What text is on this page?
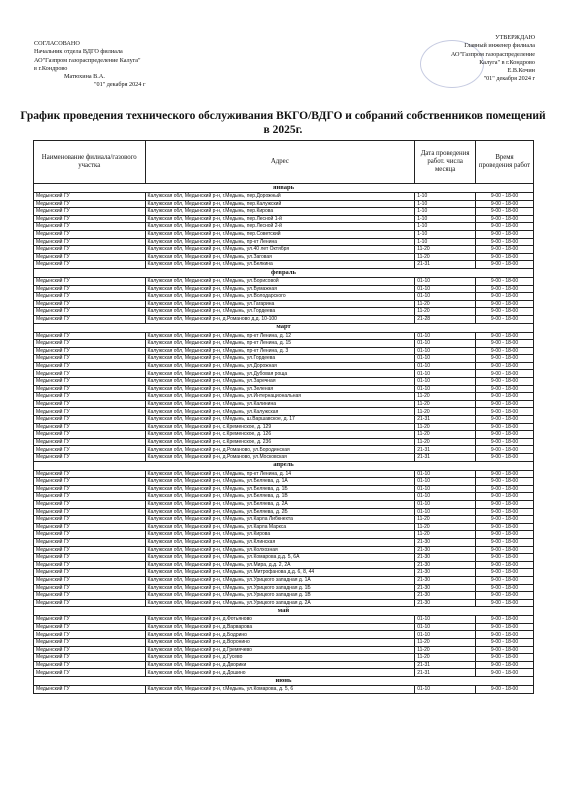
СОГЛАСОВАНО
Начальник отдела ВДГО филиала
АО"Газпром газораспределение Калуга"
в г.Кондрово
Матюхина В.А.
"01" декабря 2024 г
УТВЕРЖДАЮ
Главный инженер филиала
АО"Газпром газораспределение
Калуга" в г.Кондрово
Е.В.Кочин
"01" декабря 2024 г
График проведения технического обслуживания ВКГО/ВДГО и собраний собственников помещений в 2025г.
Наименование филиала/газового участка	Адрес	Дата проведения работ. числа месяца	Время проведения работ
январь			
Медынский ГУ	Калужская обл, Медынский р-н, г.Медынь, пер.Дорожный	1-10	9-00 - 18-00
Медынский ГУ	Калужская обл, Медынский р-н, г.Медынь, пер.Калужский	1-10	9-00 - 18-00
Медынский ГУ	Калужская обл, Медынский р-н, г.Медынь, пер.Кирова	1-10	9-00 - 18-00
Медынский ГУ	Калужская обл, Медынский р-н, г.Медынь, пер.Лесной 1-й	1-10	9-00 - 18-00
Медынский ГУ	Калужская обл, Медынский р-н, г.Медынь, пер.Лесной 2-й	1-10	9-00 - 18-00
Медынский ГУ	Калужская обл, Медынский р-н, г.Медынь, пер.Советский	1-10	9-00 - 18-00
Медынский ГУ	Калужская обл, Медынский р-н, г.Медынь, пр-кт Ленина	1-10	9-00 - 18-00
Медынский ГУ	Калужская обл, Медынский р-н, г.Медынь, ул.40 лет Октября	11-20	9-00 - 18-00
Медынский ГУ	Калужская обл, Медынский р-н, г.Медынь, ул.Заговая	11-20	9-00 - 18-00
Медынский ГУ	Калужская обл, Медынский р-н, г.Медынь, ул.Белкина	21-31	9-00 - 18-00
февраль			
Медынский ГУ	Калужская обл, Медынский р-н, г.Медынь, ул.Борисовой	01-10	9-00 - 18-00
Медынский ГУ	Калужская обл, Медынский р-н, г.Медынь, ул.Бумажная	01-10	9-00 - 18-00
Медынский ГУ	Калужская обл, Медынский р-н, г.Медынь, ул.Володарского	01-10	9-00 - 18-00
Медынский ГУ	Калужская обл, Медынский р-н, г.Медынь, ул.Гагарина	11-20	9-00 - 18-00
Медынский ГУ	Калужская обл, Медынский р-н, г.Медынь, ул.Гордеева	11-20	9-00 - 18-00
Медынский ГУ	Калужская обл, Медынский р-н, д.Романово д.д. 10-100	21-28	9-00 - 18-00
март			
Медынский ГУ	Калужская обл, Медынский р-н, г.Медынь, пр-кт Ленина, д. 12	01-10	9-00 - 18-00
Медынский ГУ	Калужская обл, Медынский р-н, г.Медынь, пр-кт Ленина, д. 15	01-10	9-00 - 18-00
Медынский ГУ	Калужская обл, Медынский р-н, г.Медынь, пр-кт Ленина, д. 3	01-10	9-00 - 18-00
Медынский ГУ	Калужская обл, Медынский р-н, г.Медынь, ул.Гордеева	01-10	9-00 - 18-00
Медынский ГУ	Калужская обл, Медынский р-н, г.Медынь, ул.Дорожная	01-10	9-00 - 18-00
Медынский ГУ	Калужская обл, Медынский р-н, г.Медынь, ул.Дубовая роща	01-10	9-00 - 18-00
Медынский ГУ	Калужская обл, Медынский р-н, г.Медынь, ул.Заречная	01-10	9-00 - 18-00
Медынский ГУ	Калужская обл, Медынский р-н, г.Медынь, ул.Зеленая	01-10	9-00 - 18-00
Медынский ГУ	Калужская обл, Медынский р-н, г.Медынь, ул.Интернациональная	11-20	9-00 - 18-00
Медынский ГУ	Калужская обл, Медынский р-н, г.Медынь, ул.Калинина	11-20	9-00 - 18-00
Медынский ГУ	Калужская обл, Медынский р-н, г.Медынь, ул.Калужская	11-20	9-00 - 18-00
Медынский ГУ	Калужская обл, Медынский р-н, г.Медынь, ш.Варшавское, д. 17	21-31	9-00 - 18-00
Медынский ГУ	Калужская обл, Медынский р-н, с.Кременское, д. 129	11-20	9-00 - 18-00
Медынский ГУ	Калужская обл, Медынский р-н, с.Кременское, д. 126	11-20	9-00 - 18-00
Медынский ГУ	Калужская обл, Медынский р-н, с.Кременское, д. 236	11-20	9-00 - 18-00
Медынский ГУ	Калужская обл, Медынский р-н, д.Романово, ул.Бородинская	21-31	9-00 - 18-00
Медынский ГУ	Калужская обл, Медынский р-н, д.Романово, ул.Московская	21-31	9-00 - 18-00
апрель			
Медынский ГУ	Калужская обл, Медынский р-н, г.Медынь, пр-кт Ленина, д. 14	01-10	9-00 - 18-00
Медынский ГУ	Калужская обл, Медынский р-н, г.Медынь, ул.Беляева, д. 1А	01-10	9-00 - 18-00
Медынский ГУ	Калужская обл, Медынский р-н, г.Медынь, ул.Беляева, д. 1Б	01-10	9-00 - 18-00
Медынский ГУ	Калужская обл, Медынский р-н, г.Медынь, ул.Беляева, д. 1В	01-10	9-00 - 18-00
Медынский ГУ	Калужская обл, Медынский р-н, г.Медынь, ул.Беляева, д. 2А	01-10	9-00 - 18-00
Медынский ГУ	Калужская обл, Медынский р-н, г.Медынь, ул.Беляева, д. 2Б	01-10	9-00 - 18-00
Медынский ГУ	Калужская обл, Медынский р-н, г.Медынь, ул.Карла Либкнехта	11-20	9-00 - 18-00
Медынский ГУ	Калужская обл, Медынский р-н, г.Медынь, ул.Карла Маркса	11-20	9-00 - 18-00
Медынский ГУ	Калужская обл, Медынский р-н, г.Медынь, ул.Кирова	11-20	9-00 - 18-00
Медынский ГУ	Калужская обл, Медынский р-н, г.Медынь, ул.Клинская	21-30	9-00 - 18-00
Медынский ГУ	Калужская обл, Медынский р-н, г.Медынь, ул.Колхозная	21-30	9-00 - 18-00
Медынский ГУ	Калужская обл, Медынский р-н, г.Медынь, ул.Комарова д.д. 5, 6А	21-30	9-00 - 18-00
Медынский ГУ	Калужская обл, Медынский р-н, г.Медынь, ул.Мира, д.д. 2, 2А	21-30	9-00 - 18-00
Медынский ГУ	Калужская обл, Медынский р-н, г.Медынь, ул.Митрофанова д.д. 6, 8, 44	21-30	9-00 - 18-00
Медынский ГУ	Калужская обл, Медынский р-н, г.Медынь, ул.Урицкого западная д. 1А	21-30	9-00 - 18-00
Медынский ГУ	Калужская обл, Медынский р-н, г.Медынь, ул.Урицкого западная д. 1Б	21-30	9-00 - 18-00
Медынский ГУ	Калужская обл, Медынский р-н, г.Медынь, ул.Урицкого западная д. 1В	21-30	9-00 - 18-00
Медынский ГУ	Калужская обл, Медынский р-н, г.Медынь, ул.Урицкого западная д. 2А	21-30	9-00 - 18-00
май			
Медынский ГУ	Калужская обл, Медынский р-н, д.Фотьяново	01-10	9-00 - 18-00
Медынский ГУ	Калужская обл, Медынский р-н, д.Варварова	01-10	9-00 - 18-00
Медынский ГУ	Калужская обл, Медынский р-н, д.Бодрино	01-10	9-00 - 18-00
Медынский ГУ	Калужская обл, Медынский р-н, д.Воронино	11-20	9-00 - 18-00
Медынский ГУ	Калужская обл, Медынский р-н, д.Гремячево	11-20	9-00 - 18-00
Медынский ГУ	Калужская обл, Медынский р-н, д.Гусево	11-20	9-00 - 18-00
Медынский ГУ	Калужская обл, Медынский р-н, д.Дворики	21-31	9-00 - 18-00
Медынский ГУ	Калужская обл, Медынский р-н, д.Дошино	21-31	9-00 - 18-00
июнь			
Медынский ГУ	Калужская обл, Медынский р-н, г.Медынь, ул.Комарова, д. 5, 6	01-10	9-00 - 18-00
